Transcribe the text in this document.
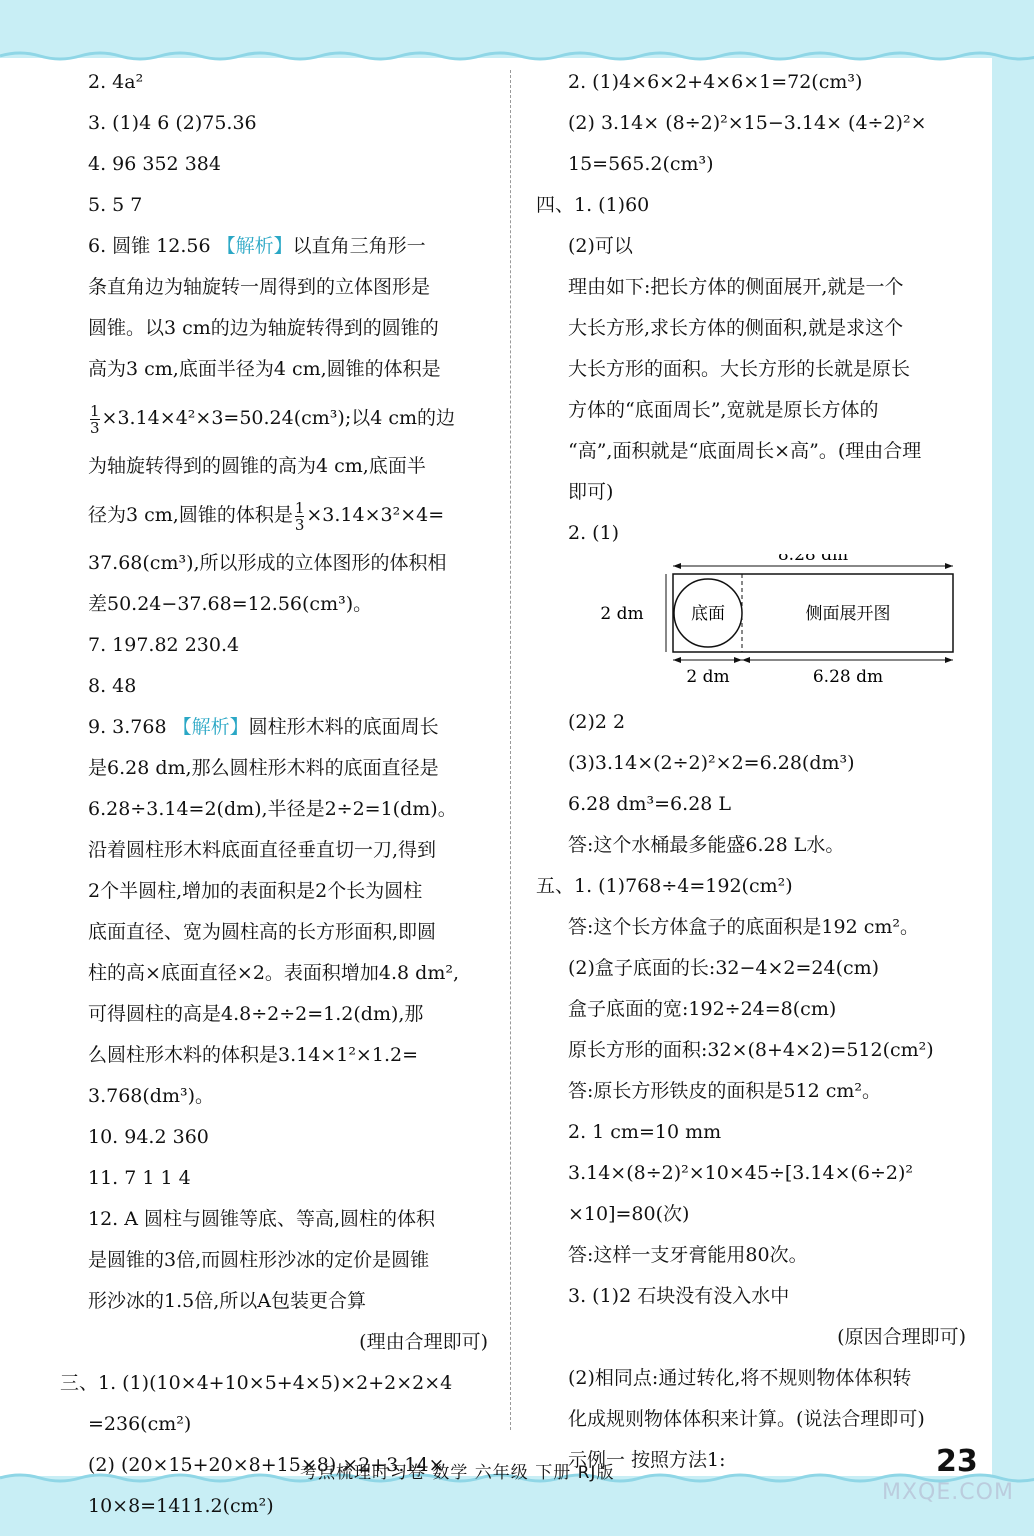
2. 4a²
3. (1)4 6 (2)75.36
4. 96 352 384
5. 5 7
6. 圆锥 12.56 【解析】以直角三角形一
条直角边为轴旋转一周得到的立体图形是
圆锥。以3 cm的边为轴旋转得到的圆锥的
高为3 cm,底面半径为4 cm,圆锥的体积是
$\frac{1}{3} \times 3.14\times 4^2\times 3=50.24(cm^3)$;以4 cm的边
为轴旋转得到的圆锥的高为4 cm,底面半
径为3 cm,圆锥的体积是 $\frac{1}{3} \times 3.14\times 3^2\times 4=$
37.68(cm³),所以形成的立体图形的体积相
差50.24−37.68=12.56(cm³)。
7. 197.82 230.4
8. 48
9. 3.768 【解析】圆柱形木料的底面周长
是6.28 dm,那么圆柱形木料的底面直径是
6.28÷3.14=2(dm),半径是2÷2=1(dm)。
沿着圆柱形木料底面直径垂直切一刀,得到
2个半圆柱,增加的表面积是2个长为圆柱
底面直径、宽为圆柱高的长方形面积,即圆
柱的高×底面直径×2。表面积增加4.8 dm²,
可得圆柱的高是4.8÷2÷2=1.2(dm),那
么圆柱形木料的体积是3.14×1²×1.2=
3.768(dm³)。
10. 94.2 360
11. 7 1 1 4
12. A 圆柱与圆锥等底、等高,圆柱的体积
是圆锥的3倍,而圆柱形沙冰的定价是圆锥
形沙冰的1.5倍,所以A包装更合算
(理由合理即可)
三、1. (1)(10×4+10×5+4×5)×2+2×2×4
=236(cm²)
(2) (20×15+20×8+15×8) ×2+3.14×
10×8=1411.2(cm²)
2. (1)4×6×2+4×6×1=72(cm³)
(2) 3.14× (8÷2)²×15−3.14× (4÷2)²×
15=565.2(cm³)
四、1. (1)60
(2)可以
理由如下:把长方体的侧面展开,就是一个
大长方形,求长方体的侧面积,就是求这个
大长方形的面积。大长方形的长就是原长
方体的“底面周长”,宽就是原长方体的
“高”,面积就是“底面周长×高”。(理由合理
即可)
2. (1)
8.28 dm
底面	侧面展开图
2 dm
2 dm	6.28 dm
(2)2 2
(3)3.14×(2÷2)²×2=6.28(dm³)
6.28 dm³=6.28 L
答:这个水桶最多能盛6.28 L水。
五、1. (1)768÷4=192(cm²)
答:这个长方体盒子的底面积是192 cm²。
(2)盒子底面的长:32−4×2=24(cm)
盒子底面的宽:192÷24=8(cm)
原长方形的面积:32×(8+4×2)=512(cm²)
答:原长方形铁皮的面积是512 cm²。
2. 1 cm=10 mm
3.14×(8÷2)²×10×45÷[3.14×(6÷2)²
×10]=80(次)
答:这样一支牙膏能用80次。
3. (1)2 石块没有没入水中
(原因合理即可)
(2)相同点:通过转化,将不规则物体体积转
化成规则物体体积来计算。(说法合理即可)
示例一 按照方法1:
考点梳理时习卷 数学 六年级 下册 RJ版	23
MXQE.COM
